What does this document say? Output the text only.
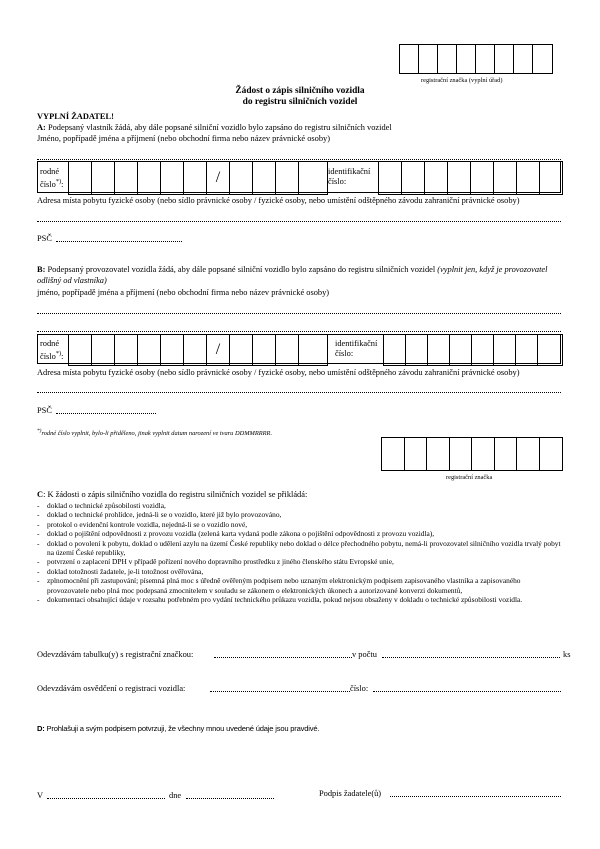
registrační značka (vyplní úřad)
Žádost o zápis silničního vozidla
do registru silničních vozidel
VYPLNÍ ŽADATEL!
A: Podepsaný vlastník žádá, aby dále popsané silniční vozidlo bylo zapsáno do registru silničních vozidel
Jméno, popřípadě jména a příjmení (nebo obchodní firma nebo název právnické osoby)
rodné
číslo*):	/	identifikační
číslo:
Adresa místa pobytu fyzické osoby (nebo sídlo právnické osoby / fyzické osoby, nebo umístění odštěpného závodu zahraniční právnické osoby)
PSČ
B: Podepsaný provozovatel vozidla žádá, aby dále popsané silniční vozidlo bylo zapsáno do registru silničních vozidel (vyplnit jen, když je provozovatel odlišný od vlastníka)
jméno, popřípadě jména a příjmení (nebo obchodní firma nebo název právnické osoby)
rodné
číslo*):	/	identifikační
číslo:
Adresa místa pobytu fyzické osoby (nebo sídlo právnické osoby / fyzické osoby, nebo umístění odštěpného závodu zahraniční právnické osoby)
PSČ
*)rodné číslo vyplnit, bylo-li přiděleno, jinak vyplnit datum narození ve tvaru DDMMRRRR.
registrační značka
C: K žádosti o zápis silničního vozidla do registru silničních vozidel se přikládá:
- doklad o technické způsobilosti vozidla,
- doklad o technické prohlídce, jedná-li se o vozidlo, které již bylo provozováno,
- protokol o evidenční kontrole vozidla, nejedná-li se o vozidlo nové,
- doklad o pojištění odpovědnosti z provozu vozidla (zelená karta vydaná podle zákona o pojištění odpovědnosti z provozu vozidla),
- doklad o povolení k pobytu, doklad o udělení azylu na území České republiky nebo doklad o délce přechodného pobytu, nemá-li provozovatel silničního vozidla trvalý pobyt na území České republiky,
- potvrzení o zaplacení DPH v případě pořízení nového dopravního prostředku z jiného členského státu Evropské unie,
- doklad totožnosti žadatele, je-li totožnost ověřována,
- zplnomocnění při zastupování; písemná plná moc s úředně ověřeným podpisem nebo uznaným elektronickým podpisem zapisovaného vlastníka a zapisovaného provozovatele nebo plná moc podepsaná zmocnitelem v souladu se zákonem o elektronických úkonech a autorizované konverzi dokumentů,
- dokumentaci obsahující údaje v rozsahu potřebném pro vydání technického průkazu vozidla, pokud nejsou obsaženy v dokladu o technické způsobilosti vozidla.
Odevzdávám tabulku(y) s registrační značkou:	v počtu	ks
Odevzdávám osvědčení o registraci vozidla:	číslo:
D: Prohlašuji a svým podpisem potvrzuji, že všechny mnou uvedené údaje jsou pravdivé.
V	dne	Podpis žadatele(ů)
